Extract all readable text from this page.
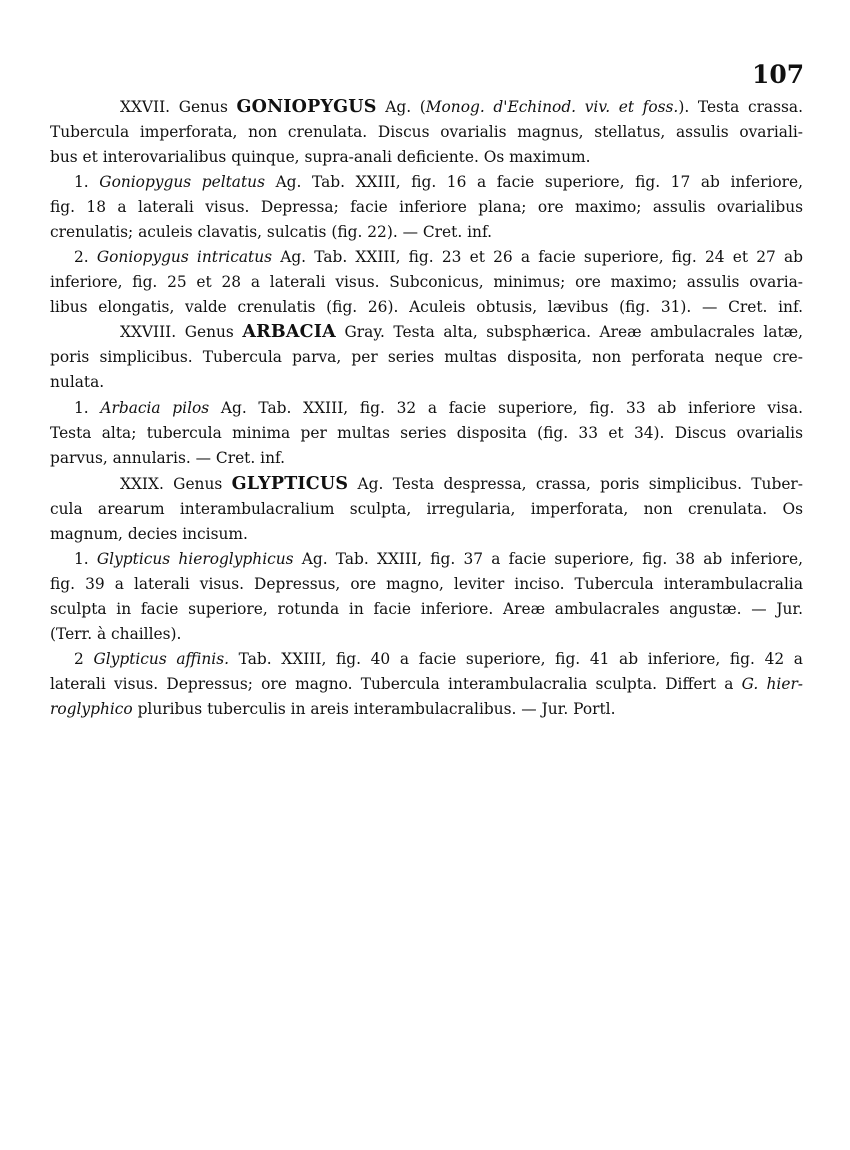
107
XXVII. Genus GONIOPYGUS Ag. (Monog. d'Echinod. viv. et foss.). Testa crassa.
Tubercula imperforata, non crenulata. Discus ovarialis magnus, stellatus, assulis ovariali-
bus et interovarialibus quinque, supra-anali deficiente. Os maximum.
1. Goniopygus peltatus Ag. Tab. XXIII, fig. 16 a facie superiore, fig. 17 ab inferiore,
fig. 18 a laterali visus. Depressa; facie inferiore plana; ore maximo; assulis ovarialibus
crenulatis; aculeis clavatis, sulcatis (fig. 22). — Cret. inf.
2. Goniopygus intricatus Ag. Tab. XXIII, fig. 23 et 26 a facie superiore, fig. 24 et 27 ab
inferiore, fig. 25 et 28 a laterali visus. Subconicus, minimus; ore maximo; assulis ovaria-
libus elongatis, valde crenulatis (fig. 26). Aculeis obtusis, lævibus (fig. 31). — Cret. inf.
XXVIII. Genus ARBACIA Gray. Testa alta, subsphærica. Areæ ambulacrales latæ,
poris simplicibus. Tubercula parva, per series multas disposita, non perforata neque cre-
nulata.
1. Arbacia pilos Ag. Tab. XXIII, fig. 32 a facie superiore, fig. 33 ab inferiore visa.
Testa alta; tubercula minima per multas series disposita (fig. 33 et 34). Discus ovarialis
parvus, annularis. — Cret. inf.
XXIX. Genus GLYPTICUS Ag. Testa despressa, crassa, poris simplicibus. Tuber-
cula arearum interambulacralium sculpta, irregularia, imperforata, non crenulata. Os
magnum, decies incisum.
1. Glypticus hieroglyphicus Ag. Tab. XXIII, fig. 37 a facie superiore, fig. 38 ab inferiore,
fig. 39 a laterali visus. Depressus, ore magno, leviter inciso. Tubercula interambulacralia
sculpta in facie superiore, rotunda in facie inferiore. Areæ ambulacrales angustæ. — Jur.
(Terr. à chailles).
2 Glypticus affinis. Tab. XXIII, fig. 40 a facie superiore, fig. 41 ab inferiore, fig. 42 a
laterali visus. Depressus; ore magno. Tubercula interambulacralia sculpta. Differt a G. hier-
roglyphico pluribus tuberculis in areis interambulacralibus. — Jur. Portl.
